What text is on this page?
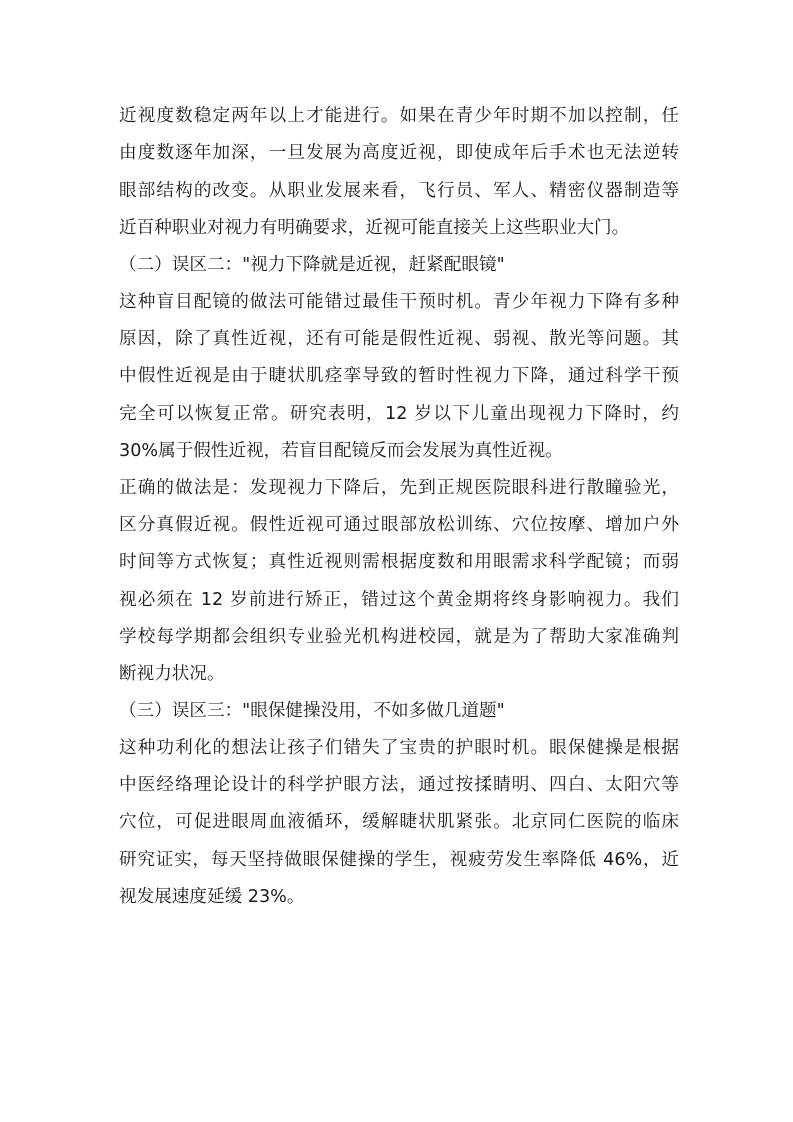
近视度数稳定两年以上才能进行。如果在青少年时期不加以控制，任
由度数逐年加深，一旦发展为高度近视，即使成年后手术也无法逆转
眼部结构的改变。从职业发展来看，飞行员、军人、精密仪器制造等
近百种职业对视力有明确要求，近视可能直接关上这些职业大门。
（二）误区二："视力下降就是近视，赶紧配眼镜"
这种盲目配镜的做法可能错过最佳干预时机。青少年视力下降有多种
原因，除了真性近视，还有可能是假性近视、弱视、散光等问题。其
中假性近视是由于睫状肌痉挛导致的暂时性视力下降，通过科学干预
完全可以恢复正常。研究表明，12 岁以下儿童出现视力下降时，约
30%属于假性近视，若盲目配镜反而会发展为真性近视。
正确的做法是：发现视力下降后，先到正规医院眼科进行散瞳验光，
区分真假近视。假性近视可通过眼部放松训练、穴位按摩、增加户外
时间等方式恢复；真性近视则需根据度数和用眼需求科学配镜；而弱
视必须在 12 岁前进行矫正，错过这个黄金期将终身影响视力。我们
学校每学期都会组织专业验光机构进校园，就是为了帮助大家准确判
断视力状况。
（三）误区三："眼保健操没用，不如多做几道题"
这种功利化的想法让孩子们错失了宝贵的护眼时机。眼保健操是根据
中医经络理论设计的科学护眼方法，通过按揉睛明、四白、太阳穴等
穴位，可促进眼周血液循环，缓解睫状肌紧张。北京同仁医院的临床
研究证实，每天坚持做眼保健操的学生，视疲劳发生率降低 46%，近
视发展速度延缓 23%。
